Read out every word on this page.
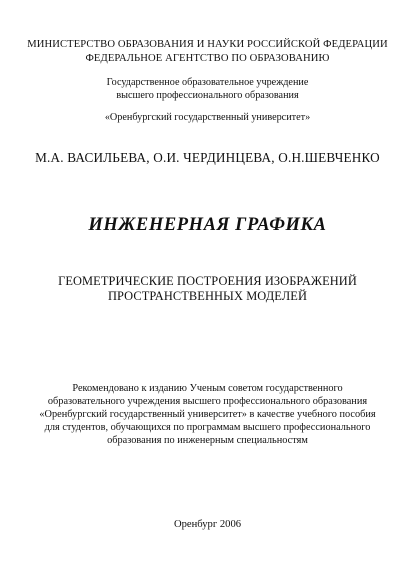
МИНИСТЕРСТВО ОБРАЗОВАНИЯ И НАУКИ РОССИЙСКОЙ ФЕДЕРАЦИИ
ФЕДЕРАЛЬНОЕ АГЕНТСТВО ПО ОБРАЗОВАНИЮ
Государственное образовательное учреждение
высшего профессионального образования
«Оренбургский государственный университет»
М.А. ВАСИЛЬЕВА, О.И. ЧЕРДИНЦЕВА, О.Н.ШЕВЧЕНКО
ИНЖЕНЕРНАЯ ГРАФИКА
ГЕОМЕТРИЧЕСКИЕ ПОСТРОЕНИЯ ИЗОБРАЖЕНИЙ
ПРОСТРАНСТВЕННЫХ МОДЕЛЕЙ
Рекомендовано к изданию Ученым советом государственного
образовательного учреждения высшего профессионального образования
«Оренбургский государственный университет» в качестве учебного пособия
для студентов, обучающихся по программам высшего профессионального
образования по инженерным специальностям
Оренбург 2006
